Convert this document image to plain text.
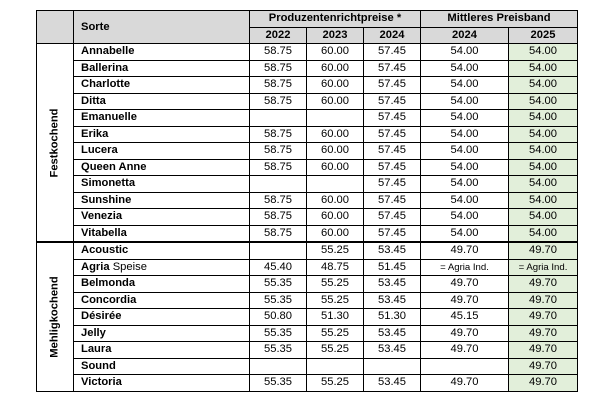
	Sorte	Produzentenrichtpreise *			Mittleres Preisband	
		2022	2023	2024	2024	2025

Festkochend	Annabelle	58.75	60.00	57.45	54.00	54.00
	Ballerina	58.75	60.00	57.45	54.00	54.00
	Charlotte	58.75	60.00	57.45	54.00	54.00
	Ditta	58.75	60.00	57.45	54.00	54.00
	Emanuelle			57.45	54.00	54.00
	Erika	58.75	60.00	57.45	54.00	54.00
	Lucera	58.75	60.00	57.45	54.00	54.00
	Queen Anne	58.75	60.00	57.45	54.00	54.00
	Simonetta			57.45	54.00	54.00
	Sunshine	58.75	60.00	57.45	54.00	54.00
	Venezia	58.75	60.00	57.45	54.00	54.00
	Vitabella	58.75	60.00	57.45	54.00	54.00

Mehligkochend	Acoustic		55.25	53.45	49.70	49.70
	Agria Speise	45.40	48.75	51.45	= Agria Ind.	= Agria Ind.
	Belmonda	55.35	55.25	53.45	49.70	49.70
	Concordia	55.35	55.25	53.45	49.70	49.70
	Désirée	50.80	51.30	51.30	45.15	49.70
	Jelly	55.35	55.25	53.45	49.70	49.70
	Laura	55.35	55.25	53.45	49.70	49.70
	Sound					49.70
	Victoria	55.35	55.25	53.45	49.70	49.70
